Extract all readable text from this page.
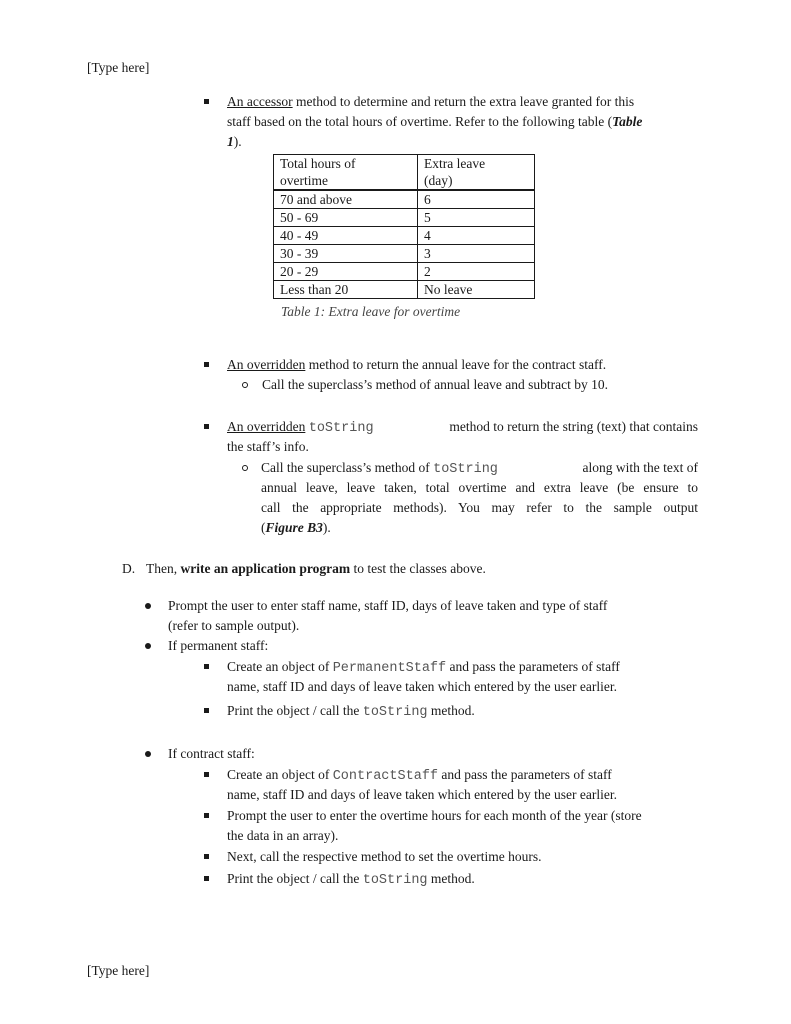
[Type here]
An accessor method to determine and return the extra leave granted for this
staff based on the total hours of overtime. Refer to the following table (Table
1).
Total hours of
overtime	Extra leave
(day)
70 and above	6
50 - 69	5
40 - 49	4
30 - 39	3
20 - 29	2
Less than 20	No leave
Table 1: Extra leave for overtime
An overridden method to return the annual leave for the contract staff.
Call the superclass’s method of annual leave and subtract by 10.
An overridden toString	method to return the string (text) that contains
the staff’s info.
Call the superclass’s method of toString	along with the text of
annual leave, leave taken, total overtime and extra leave (be ensure to
call the appropriate methods). You may refer to the sample output
(Figure B3).
D. Then, write an application program to test the classes above.
Prompt the user to enter staff name, staff ID, days of leave taken and type of staff
(refer to sample output).
If permanent staff:
Create an object of PermanentStaff and pass the parameters of staff
name, staff ID and days of leave taken which entered by the user earlier.
Print the object / call the toString method.
If contract staff:
Create an object of ContractStaff and pass the parameters of staff
name, staff ID and days of leave taken which entered by the user earlier.
Prompt the user to enter the overtime hours for each month of the year (store
the data in an array).
Next, call the respective method to set the overtime hours.
Print the object / call the toString method.
[Type here]
